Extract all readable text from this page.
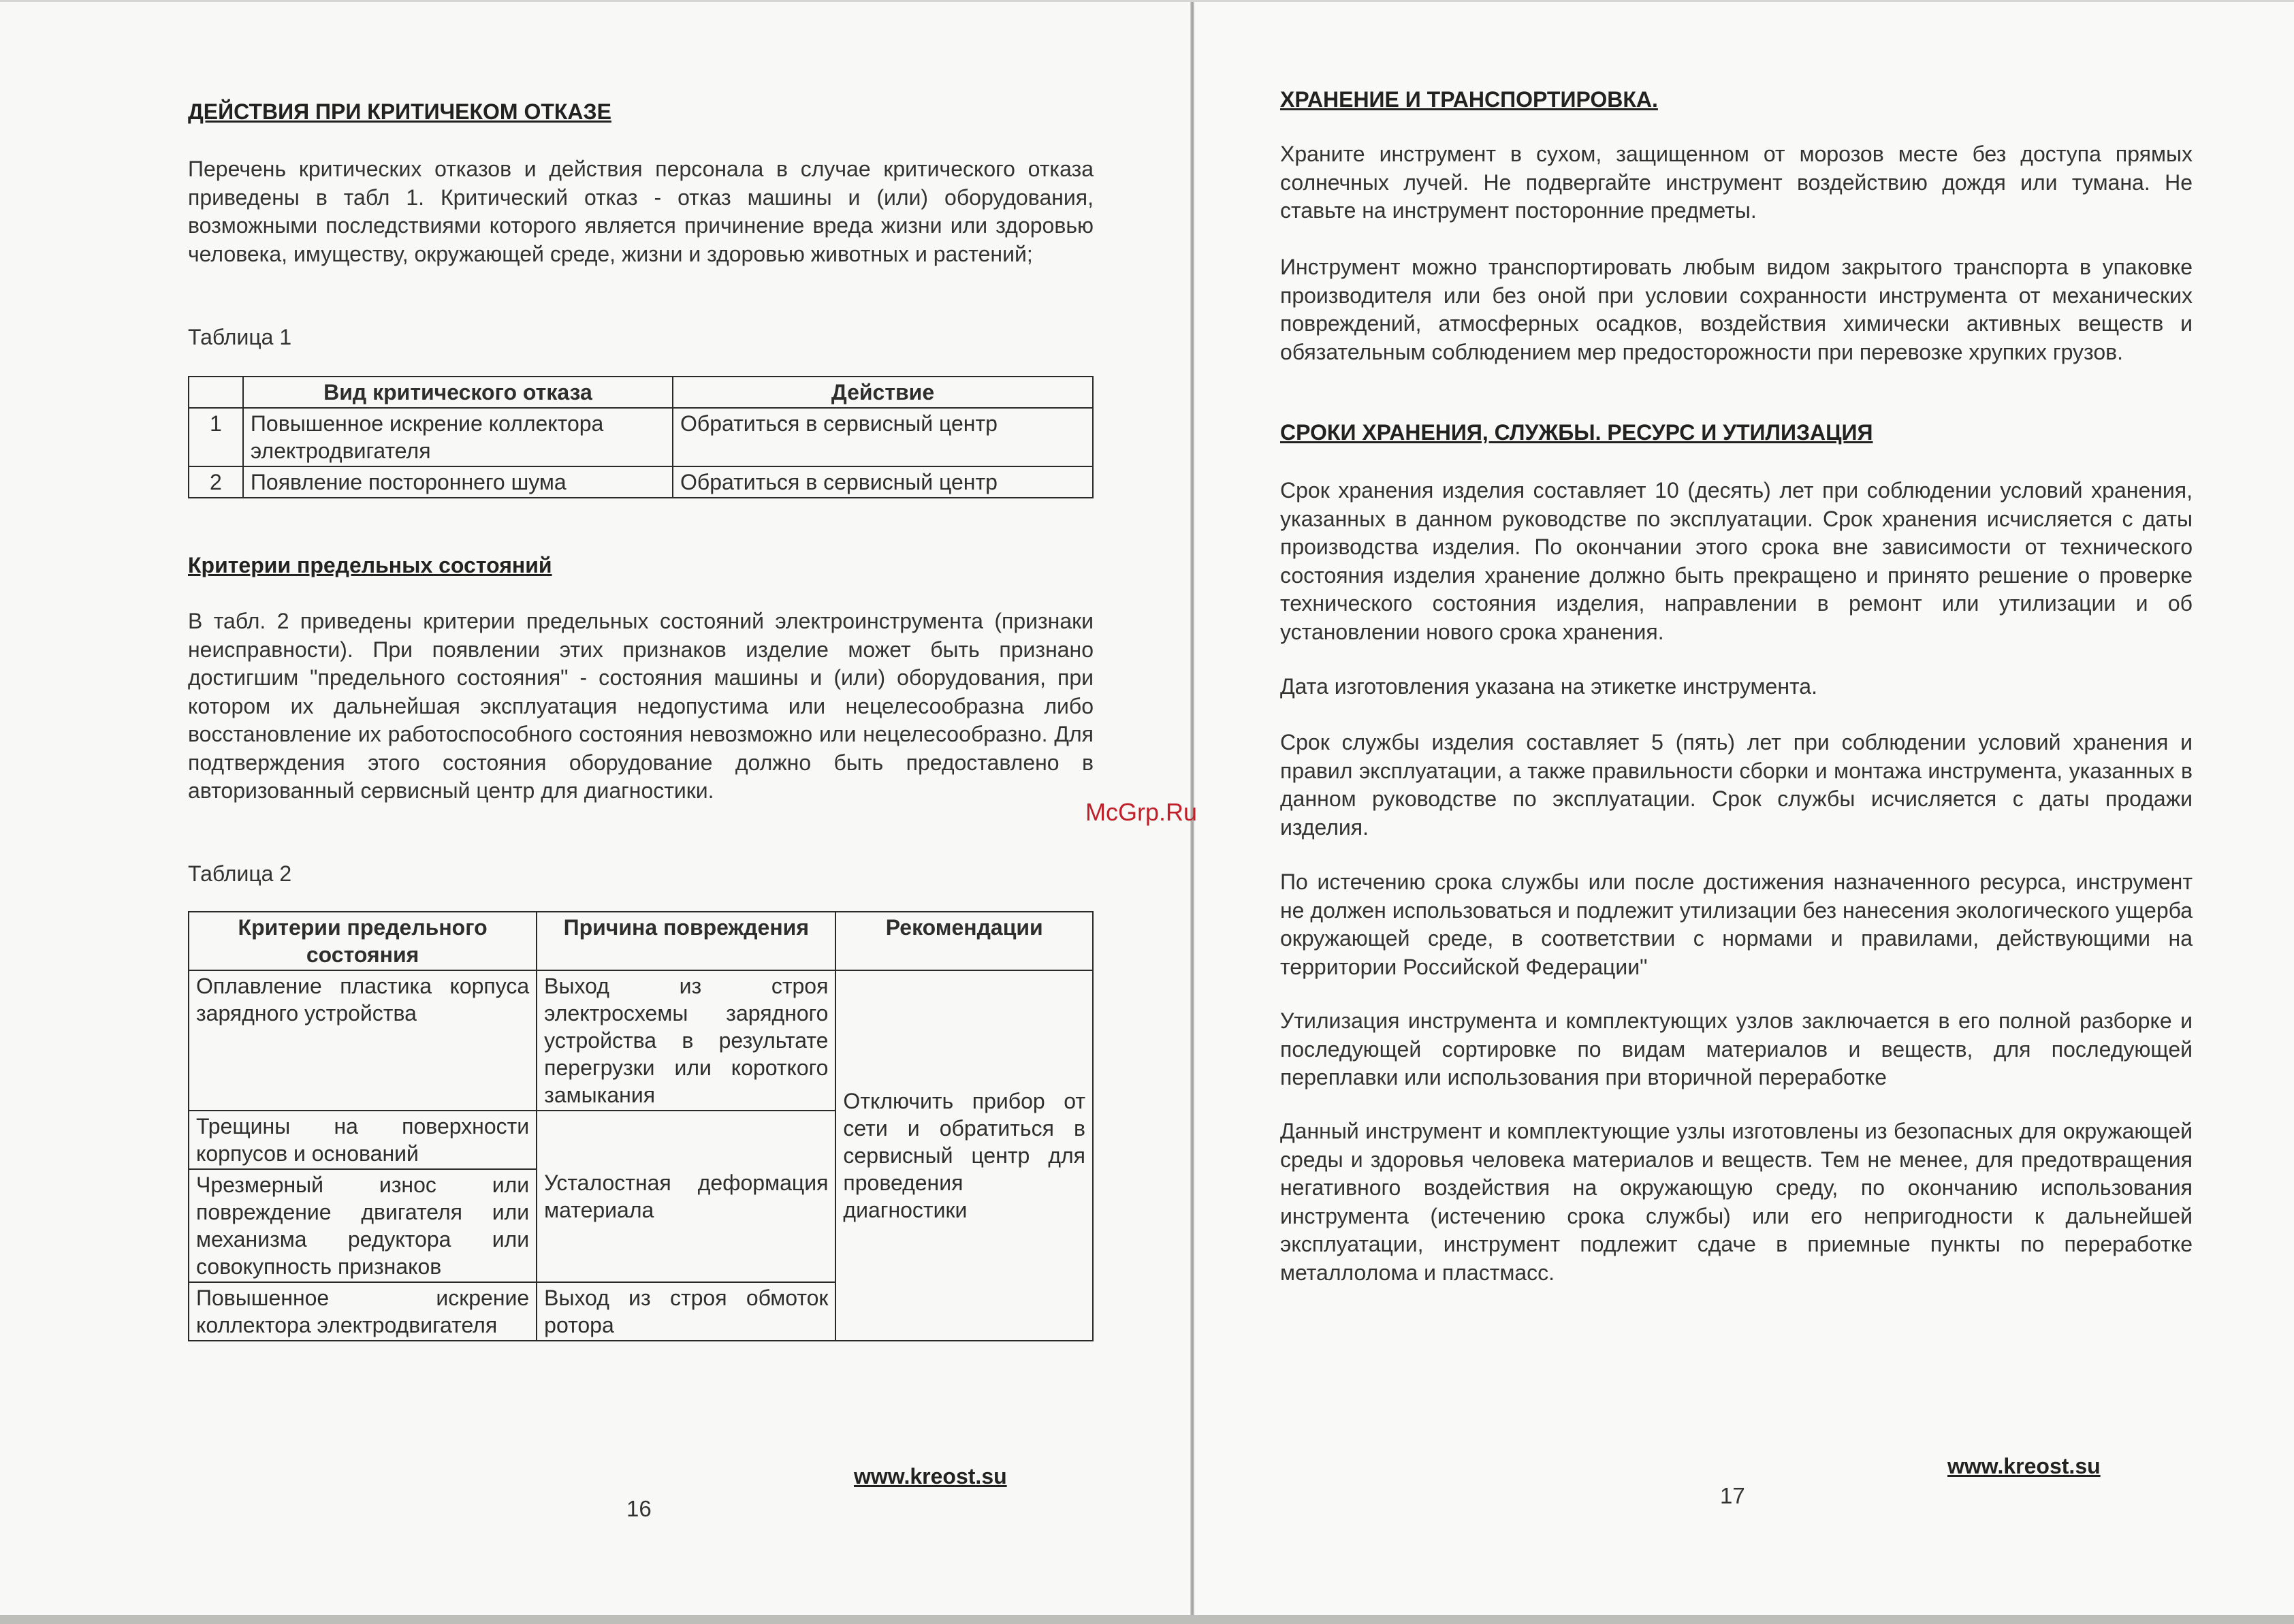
ДЕЙСТВИЯ ПРИ КРИТИЧЕКОМ ОТКАЗЕ
Перечень критических отказов и действия персонала в случае критического отказа приведены в табл 1. Критический отказ - отказ машины и (или) оборудования, возможными последствиями которого является причинение вреда жизни или здоровью человека, имуществу, окружающей среде, жизни и здоровью животных и растений;
Таблица 1
	Вид критического отказа	Действие
1	Повышенное искрение коллектора электродвигателя	Обратиться в сервисный центр
2	Появление постороннего шума	Обратиться в сервисный центр
Критерии предельных состояний
В табл. 2 приведены критерии предельных состояний электроинструмента (признаки неисправности). При появлении этих признаков изделие может быть признано достигшим "предельного состояния" - состояния машины и (или) оборудования, при котором их дальнейшая эксплуатация недопустима или нецелесообразна либо восстановление их работоспособного состояния невозможно или нецелесообразно. Для подтверждения этого состояния оборудование должно быть предоставлено в авторизованный сервисный центр для диагностики.
Таблица 2
Критерии предельного состояния	Причина повреждения	Рекомендации
Оплавление пластика корпуса зарядного устройства	Выход из строя электросхемы зарядного устройства в результате перегрузки или короткого замыкания	Отключить прибор от сети и обратиться в сервисный центр для проведения диагностики
Трещины на поверхности корпусов и оснований	Усталостная деформация материала	
Чрезмерный износ или повреждение двигателя или механизма редуктора или совокупность признаков		
Повышенное искрение коллектора электродвигателя	Выход из строя обмоток ротора	
www.kreost.su
16
McGrp.Ru
ХРАНЕНИЕ И ТРАНСПОРТИРОВКА.
Храните инструмент в сухом, защищенном от морозов месте без доступа прямых солнечных лучей. Не подвергайте инструмент воздействию дождя или тумана. Не ставьте на инструмент посторонние предметы.
Инструмент можно транспортировать любым видом закрытого транспорта в упаковке производителя или без оной при условии сохранности инструмента от механических повреждений, атмосферных осадков, воздействия химически активных веществ и обязательным соблюдением мер предосторожности при перевозке хрупких грузов.
СРОКИ ХРАНЕНИЯ, СЛУЖБЫ. РЕСУРС И УТИЛИЗАЦИЯ
Срок хранения изделия составляет 10 (десять) лет при соблюдении условий хранения, указанных в данном руководстве по эксплуатации. Срок хранения исчисляется с даты производства изделия. По окончании этого срока вне зависимости от технического состояния изделия хранение должно быть прекращено и принято решение о проверке технического состояния изделия, направлении в ремонт или утилизации и об установлении нового срока хранения.
Дата изготовления указана на этикетке инструмента.
Срок службы изделия составляет 5 (пять) лет при соблюдении условий хранения и правил эксплуатации, а также правильности сборки и монтажа инструмента, указанных в данном руководстве по эксплуатации. Срок службы исчисляется с даты продажи изделия.
По истечению срока службы или после достижения назначенного ресурса, инструмент не должен использоваться и подлежит утилизации без нанесения экологического ущерба окружающей среде, в соответствии с нормами и правилами, действующими на территории Российской Федерации"
Утилизация инструмента и комплектующих узлов заключается в его полной разборке и последующей сортировке по видам материалов и веществ, для последующей переплавки или использования при вторичной переработке
Данный инструмент и комплектующие узлы изготовлены из безопасных для окружающей среды и здоровья человека материалов и веществ. Тем не менее, для предотвращения негативного воздействия на окружающую среду, по окончанию использования инструмента (истечению срока службы) или его непригодности к дальнейшей эксплуатации, инструмент подлежит сдаче в приемные пункты по переработке металлолома и пластмасс.
www.kreost.su
17
